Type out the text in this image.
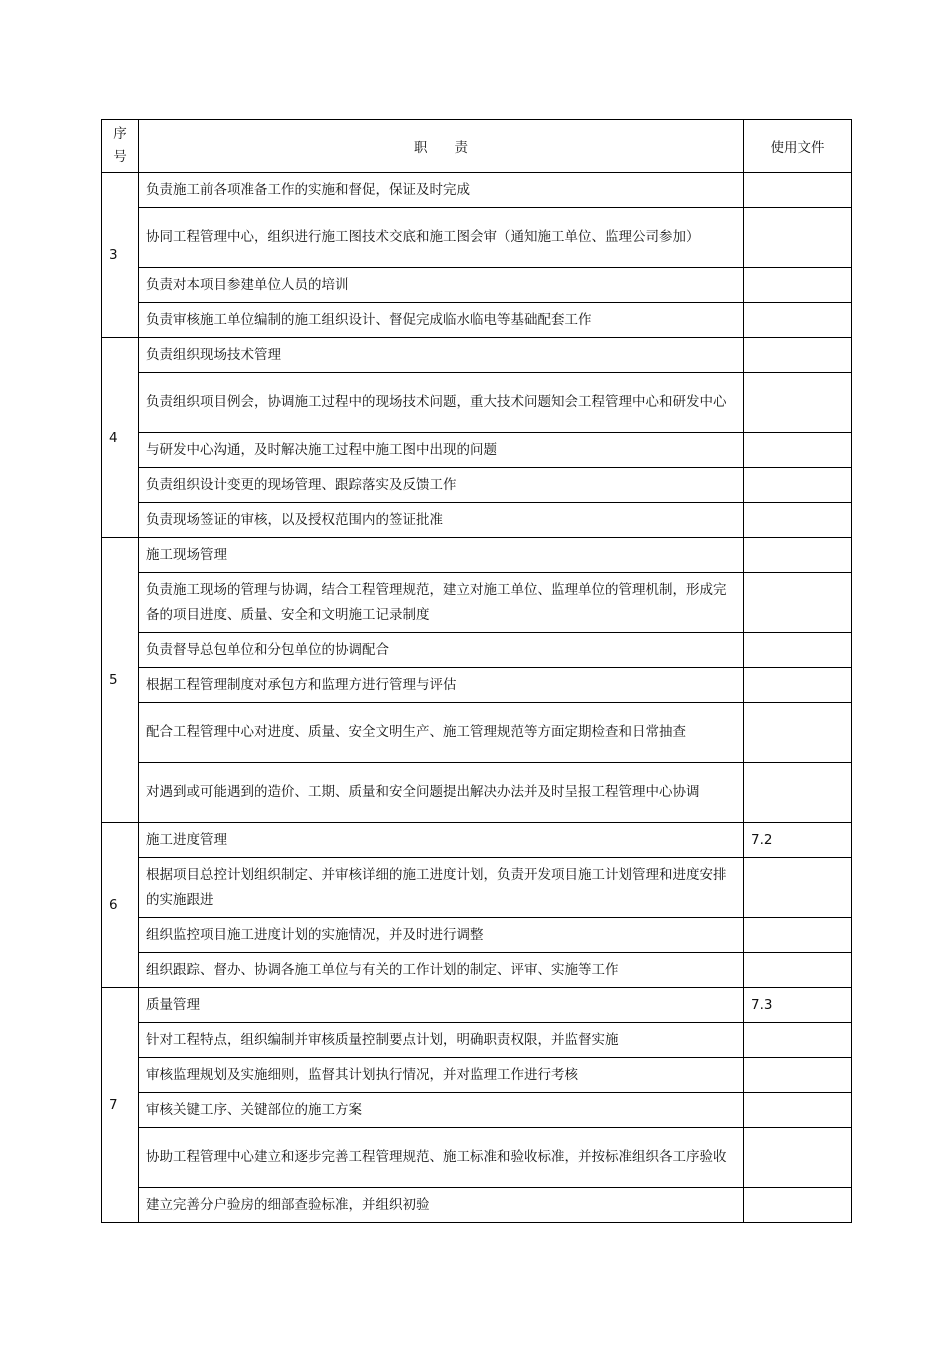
序号	职　　责	使用文件
3	负责施工前各项准备工作的实施和督促，保证及时完成	
	协同工程管理中心，组织进行施工图技术交底和施工图会审（通知施工单位、监理公司参加）	
	负责对本项目参建单位人员的培训	
	负责审核施工单位编制的施工组织设计、督促完成临水临电等基础配套工作	
4	负责组织现场技术管理	
	负责组织项目例会，协调施工过程中的现场技术问题，重大技术问题知会工程管理中心和研发中心	
	与研发中心沟通，及时解决施工过程中施工图中出现的问题	
	负责组织设计变更的现场管理、跟踪落实及反馈工作	
	负责现场签证的审核，以及授权范围内的签证批准	
5	施工现场管理	
	负责施工现场的管理与协调，结合工程管理规范，建立对施工单位、监理单位的管理机制，形成完备的项目进度、质量、安全和文明施工记录制度	
	负责督导总包单位和分包单位的协调配合	
	根据工程管理制度对承包方和监理方进行管理与评估	
	配合工程管理中心对进度、质量、安全文明生产、施工管理规范等方面定期检查和日常抽查	
	对遇到或可能遇到的造价、工期、质量和安全问题提出解决办法并及时呈报工程管理中心协调	
6	施工进度管理	7.2
	根据项目总控计划组织制定、并审核详细的施工进度计划，负责开发项目施工计划管理和进度安排的实施跟进	
	组织监控项目施工进度计划的实施情况，并及时进行调整	
	组织跟踪、督办、协调各施工单位与有关的工作计划的制定、评审、实施等工作	
7	质量管理	7.3
	针对工程特点，组织编制并审核质量控制要点计划，明确职责权限，并监督实施	
	审核监理规划及实施细则，监督其计划执行情况，并对监理工作进行考核	
	审核关键工序、关键部位的施工方案	
	协助工程管理中心建立和逐步完善工程管理规范、施工标准和验收标准，并按标准组织各工序验收	
	建立完善分户验房的细部查验标准，并组织初验	
